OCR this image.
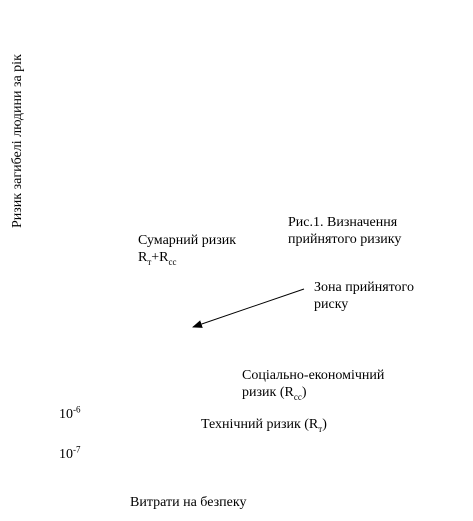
Ризик загибелі людини за рік	Рис.1. Визначення
прийнятого ризику
Сумарний ризик
$R_т+R_{сс}$
Зона прийнятого
риску
Соціально-економічний
ризик $(R_{сс})$
Технічний ризик $(R_т)$
$10^{-6}$
$10^{-7}$
Витрати на безпеку
